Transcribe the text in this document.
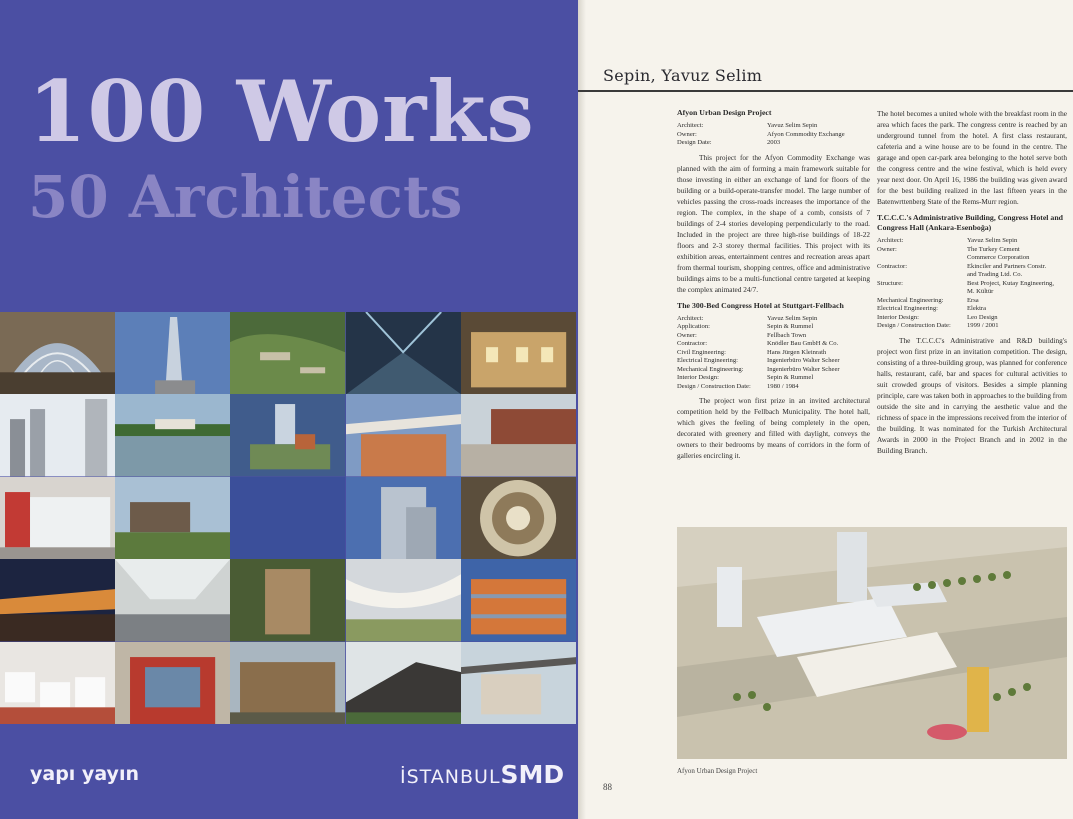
100 Works
50 Architects
yapı yayın	İSTANBULSMD
Sepin, Yavuz Selim
Afyon Urban Design Project
Architect:	Yavuz Selim Sepin
Owner:	Afyon Commodity Exchange
Design Date:	2003

This project for the Afyon Commodity Exchange was planned with the aim of forming a main framework suitable for those investing in either an exchange of land for floors of the building or a build-operate-transfer model. The large number of vehicles passing the cross-roads increases the importance of the region. The complex, in the shape of a comb, consists of 7 buildings of 2-4 stories developing perpendicularly to the road. Included in the project are three high-rise buildings of 18-22 floors and 2-3 storey thermal facilities. This project with its exhibition areas, entertainment centres and recreation areas apart from thermal tourism, shopping centres, office and administrative buildings aims to be a multi-functional centre targeted at keeping the complex animated 24/7.

The 300-Bed Congress Hotel at Stuttgart-Fellbach
Architect:	Yavuz Selim Sepin
Application:	Sepin & Rummel
Owner:	Fellbach Town
Contractor:	Knödler Bau GmbH & Co.
Civil Engineering:	Hans Jürgen Kleinrath
Electrical Engineering:	Ingenierbüro Walter Scheer
Mechanical Engineering:	Ingenierbüro Walter Scheer
Interior Design:	Sepin & Rummel
Design / Construction Date:	1980 / 1984

The project won first prize in an invited architectural competition held by the Fellbach Municipality. The hotel hall, which gives the feeling of being completely in the open, decorated with greenery and filled with daylight, conveys the owners to their bedrooms by means of corridors in the form of galleries encircling it.

The hotel becomes a united whole with the breakfast room in the area which faces the park. The congress centre is reached by an underground tunnel from the hotel. A first class restaurant, cafeteria and a wine house are to be found in the centre. The garage and open car-park area belonging to the hotel serve both the congress centre and the wine festival, which is held every year next door. On April 16, 1986 the building was given award for the best building realized in the last fifteen years in the Batenwrttenberg State of the Rems-Murr region.

T.C.C.C.'s Administrative Building, Congress Hotel and Congress Hall (Ankara-Esenboğa)
Architect:	Yavuz Selim Sepin
Owner:	The Turkey Cement
Commerce Corporation
Contractor:	Ekinciler and Partners Constr.
and Trading Ltd. Co.
Structure:	Best Project, Kutay Engineering,
M. Kültür
Mechanical Engineering:	Ersa
Electrical Engineering:	Elektra
Interior Design:	Leo Design
Design / Construction Date:	1999 / 2001

The T.C.C.C's Administrative and R&D building's project won first prize in an invitation competition. The design, consisting of a three-building group, was planned for conference halls, restaurant, café, bar and spaces for cultural activities to suit crowded groups of visitors. Besides a simple planning principle, care was taken both in approaches to the building from outside the site and in carrying the aesthetic value and the richness of space in the impressions received from the interior of the building. It was nominated for the Turkish Architectural Awards in 2000 in the Project Branch and in 2002 in the Building Branch.

Afyon Urban Design Project
88
